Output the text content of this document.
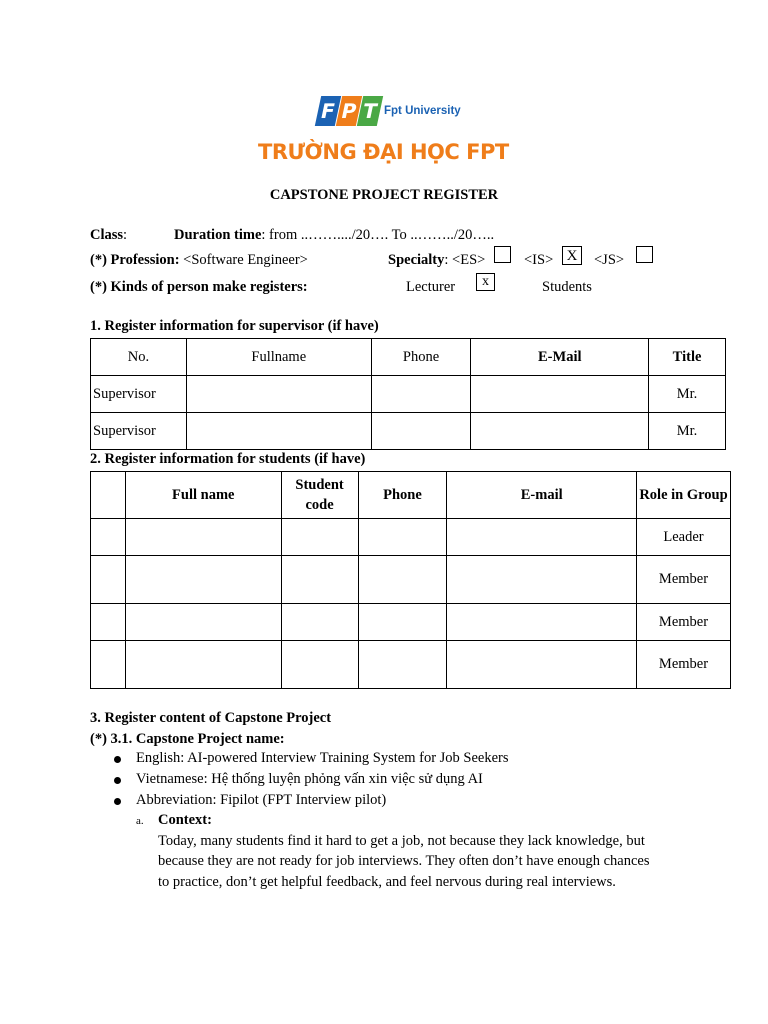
F P T Fpt University
TRƯỜNG ĐẠI HỌC FPT
CAPSTONE PROJECT REGISTER
Class:	Duration time: from ..……..../20…. To ..……../20…..
(*) Profession: <Software Engineer>	Specialty: <ES>	<IS> X	<JS>
(*) Kinds of person make registers:	Lecturer	x	Students
1. Register information for supervisor (if have)
No.	Fullname	Phone	E-Mail	Title
Supervisor				Mr.
Supervisor				Mr.
2. Register information for students (if have)
	Full name	Student code	Phone	E-mail	Role in Group
					Leader
					Member
					Member
					Member
3. Register content of Capstone Project
(*) 3.1. Capstone Project name:
English: AI-powered Interview Training System for Job Seekers
Vietnamese: Hệ thống luyện phỏng vấn xin việc sử dụng AI
Abbreviation: Fipilot (FPT Interview pilot)
a. Context:
Today, many students find it hard to get a job, not because they lack knowledge, but
because they are not ready for job interviews. They often don’t have enough chances
to practice, don’t get helpful feedback, and feel nervous during real interviews.
